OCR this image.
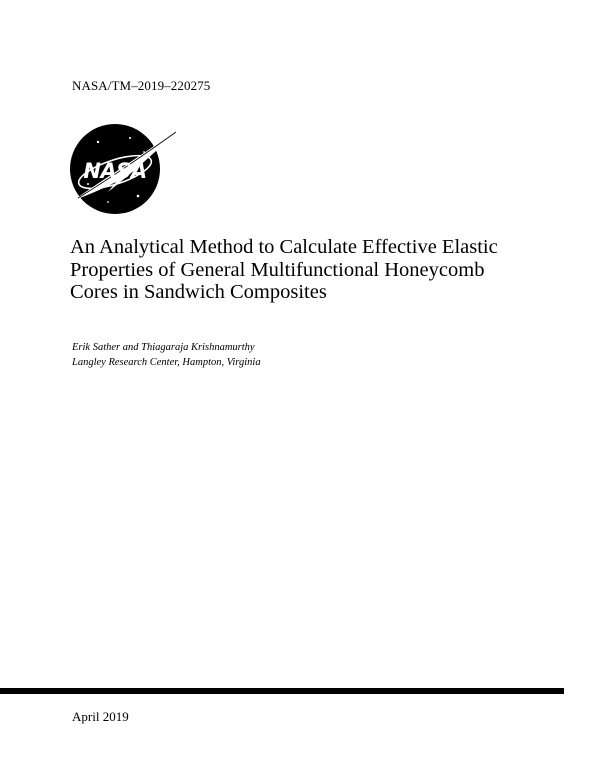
NASA/TM–2019–220275
NASA
An Analytical Method to Calculate Effective Elastic
Properties of General Multifunctional Honeycomb
Cores in Sandwich Composites
Erik Sather and Thiagaraja Krishnamurthy
Langley Research Center, Hampton, Virginia
April 2019
